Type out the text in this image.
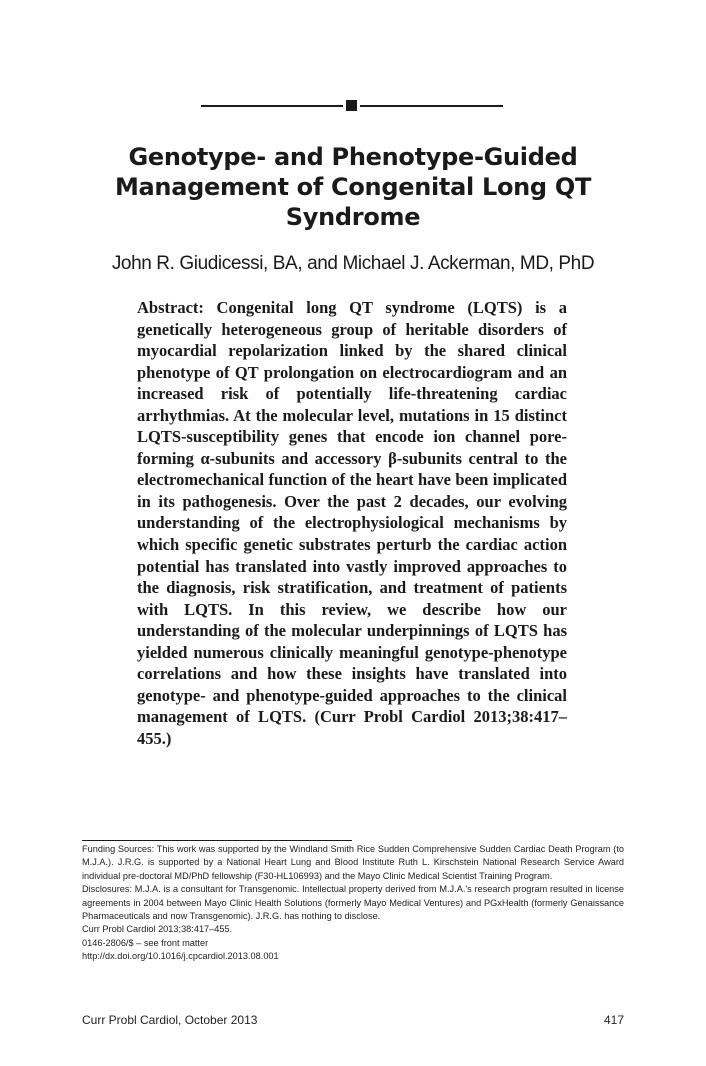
Genotype- and Phenotype-Guided Management of Congenital Long QT Syndrome

John R. Giudicessi, BA, and Michael J. Ackerman, MD, PhD

Abstract: Congenital long QT syndrome (LQTS) is a genetically heterogeneous group of heritable disorders of myocardial repolarization linked by the shared clinical phenotype of QT prolongation on electrocardiogram and an increased risk of potentially life-threatening cardiac arrhythmias. At the molecular level, mutations in 15 distinct LQTS-susceptibility genes that encode ion channel pore-forming α-subunits and accessory β-subunits central to the electromechanical function of the heart have been implicated in its pathogenesis. Over the past 2 decades, our evolving understanding of the electrophysiological mechanisms by which specific genetic substrates perturb the cardiac action potential has translated into vastly improved approaches to the diagnosis, risk stratification, and treatment of patients with LQTS. In this review, we describe how our understanding of the molecular underpinnings of LQTS has yielded numerous clinically meaningful genotype-phenotype correlations and how these insights have translated into genotype- and phenotype-guided approaches to the clinical management of LQTS. (Curr Probl Cardiol 2013;38:417–455.)

Funding Sources: This work was supported by the Windland Smith Rice Sudden Comprehensive Sudden Cardiac Death Program (to M.J.A.). J.R.G. is supported by a National Heart Lung and Blood Institute Ruth L. Kirschstein National Research Service Award individual pre-doctoral MD/PhD fellowship (F30-HL106993) and the Mayo Clinic Medical Scientist Training Program.

Disclosures: M.J.A. is a consultant for Transgenomic. Intellectual property derived from M.J.A.'s research program resulted in license agreements in 2004 between Mayo Clinic Health Solutions (formerly Mayo Medical Ventures) and PGxHealth (formerly Genaissance Pharmaceuticals and now Transgenomic). J.R.G. has nothing to disclose.

Curr Probl Cardiol 2013;38:417–455.

0146-2806/$ – see front matter

http://dx.doi.org/10.1016/j.cpcardiol.2013.08.001

Curr Probl Cardiol, October 2013	417
